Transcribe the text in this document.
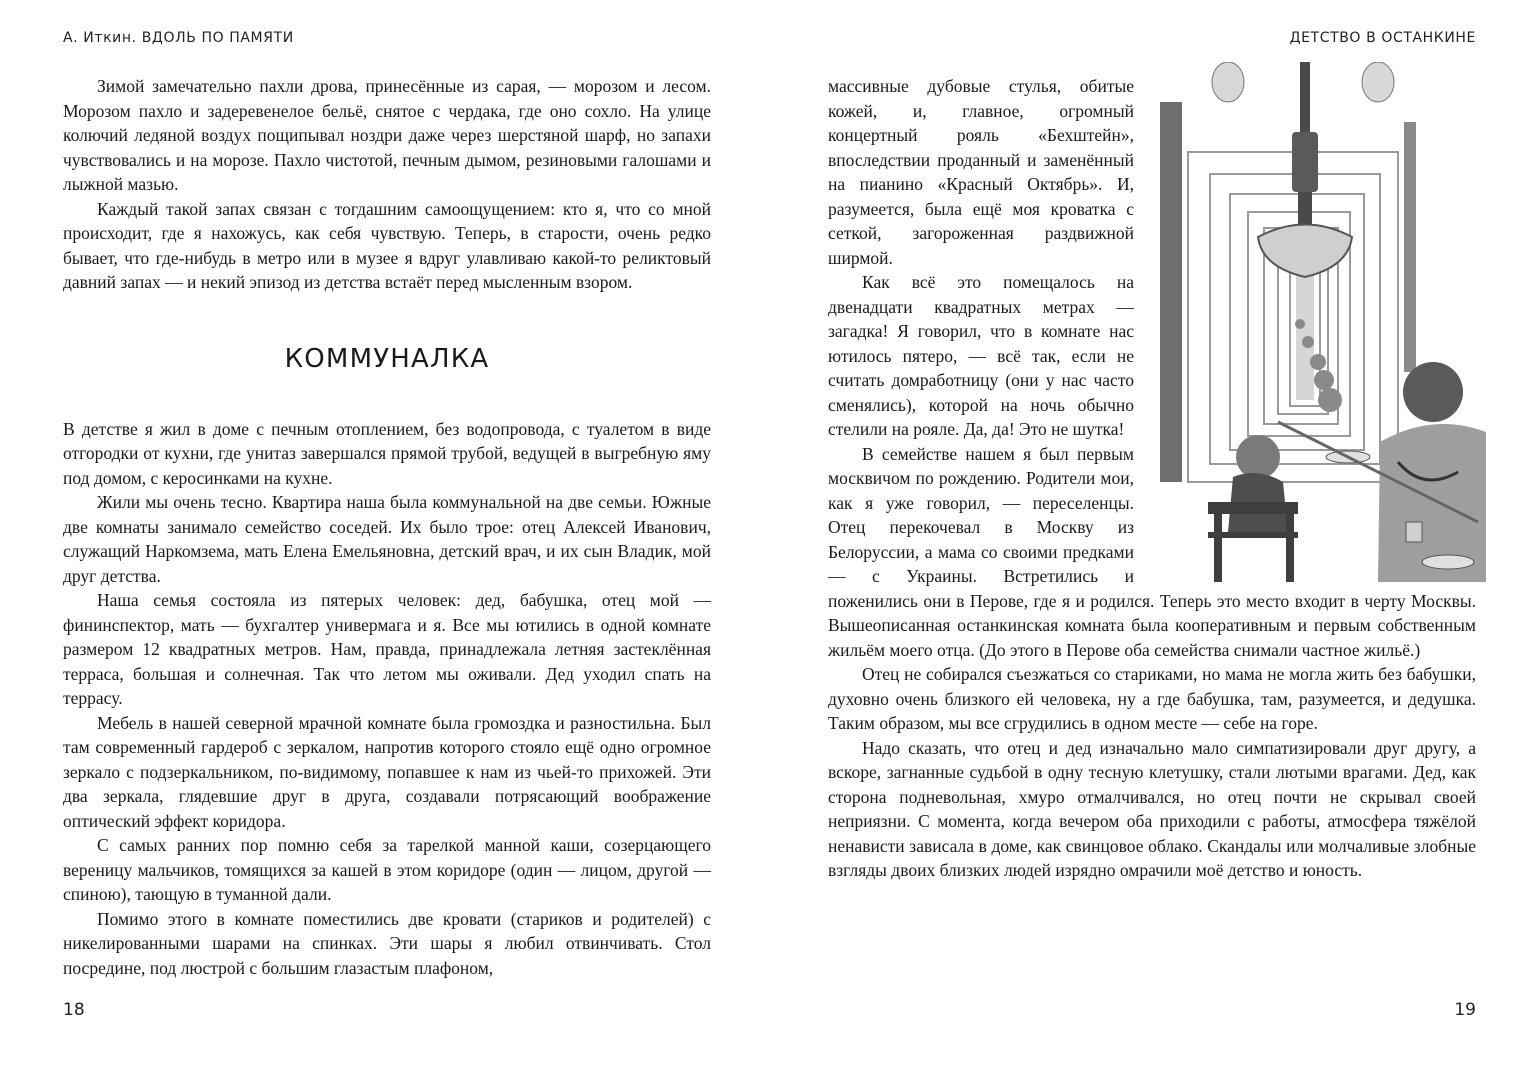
А. Иткин. ВДОЛЬ ПО ПАМЯТИ

Зимой замечательно пахли дрова, принесённые из сарая, — морозом и лесом. Морозом пахло и задеревенелое бельё, снятое с чердака, где оно сохло. На улице колючий ледяной воздух пощипывал ноздри даже через шерстяной шарф, но запахи чувствовались и на морозе. Пахло чистотой, печным дымом, резиновыми галошами и лыжной мазью.

Каждый такой запах связан с тогдашним самоощущением: кто я, что со мной происходит, где я нахожусь, как себя чувствую. Теперь, в старости, очень редко бывает, что где-нибудь в метро или в музее я вдруг улавливаю какой-то реликтовый давний запах — и некий эпизод из детства встаёт перед мысленным взором.

КОММУНАЛКА

В детстве я жил в доме с печным отоплением, без водопровода, с туалетом в виде отгородки от кухни, где унитаз завершался прямой трубой, ведущей в выгребную яму под домом, с керосинками на кухне.

Жили мы очень тесно. Квартира наша была коммунальной на две семьи. Южные две комнаты занимало семейство соседей. Их было трое: отец Алексей Иванович, служащий Наркомзема, мать Елена Емельяновна, детский врач, и их сын Владик, мой друг детства.

Наша семья состояла из пятерых человек: дед, бабушка, отец мой — фининспектор, мать — бухгалтер универмага и я. Все мы ютились в одной комнате размером 12 квадратных метров. Нам, правда, принадлежала летняя застеклённая терраса, большая и солнечная. Так что летом мы оживали. Дед уходил спать на террасу.

Мебель в нашей северной мрачной комнате была громоздка и разностильна. Был там современный гардероб с зеркалом, напротив которого стояло ещё одно огромное зеркало с подзеркальником, по-видимому, попавшее к нам из чьей-то прихожей. Эти два зеркала, глядевшие друг в друга, создавали потрясающий воображение оптический эффект коридора.

С самых ранних пор помню себя за тарелкой манной каши, созерцающего вереницу мальчиков, томящихся за кашей в этом коридоре (один — лицом, другой — спиною), тающую в туманной дали.

Помимо этого в комнате поместились две кровати (стариков и родителей) с никелированными шарами на спинках. Эти шары я любил отвинчивать. Стол посредине, под люстрой с большим глазастым плафоном,

18
ДЕТСТВО В ОСТАНКИНЕ

массивные дубовые стулья, обитые кожей, и, главное, огромный концертный рояль «Бехштейн», впоследствии проданный и заменённый на пианино «Красный Октябрь». И, разумеется, была ещё моя кроватка с сеткой, загороженная раздвижной ширмой.

Как всё это помещалось на двенадцати квадратных метрах — загадка! Я говорил, что в комнате нас ютилось пятеро, — всё так, если не считать домработницу (они у нас часто сменялись), которой на ночь обычно стелили на рояле. Да, да! Это не шутка!

В семействе нашем я был первым москвичом по рождению. Родители мои, как я уже говорил, — переселенцы. Отец перекочевал в Москву из Белоруссии, а мама со своими предками — с Украины. Встретились и поженились они в Перове, где я и родился. Теперь это место входит в черту Москвы. Вышеописанная останкинская комната была кооперативным и первым собственным жильём моего отца. (До этого в Перове оба семейства снимали частное жильё.)

Отец не собирался съезжаться со стариками, но мама не могла жить без бабушки, духовно очень близкого ей человека, ну а где бабушка, там, разумеется, и дедушка. Таким образом, мы все сгрудились в одном месте — себе на горе.

Надо сказать, что отец и дед изначально мало симпатизировали друг другу, а вскоре, загнанные судьбой в одну тесную клетушку, стали лютыми врагами. Дед, как сторона подневольная, хмуро отмалчивался, но отец почти не скрывал своей неприязни. С момента, когда вечером оба приходили с работы, атмосфера тяжёлой ненависти зависала в доме, как свинцовое облако. Скандалы или молчаливые злобные взгляды двоих близких людей изрядно омрачили моё детство и юность.

19
